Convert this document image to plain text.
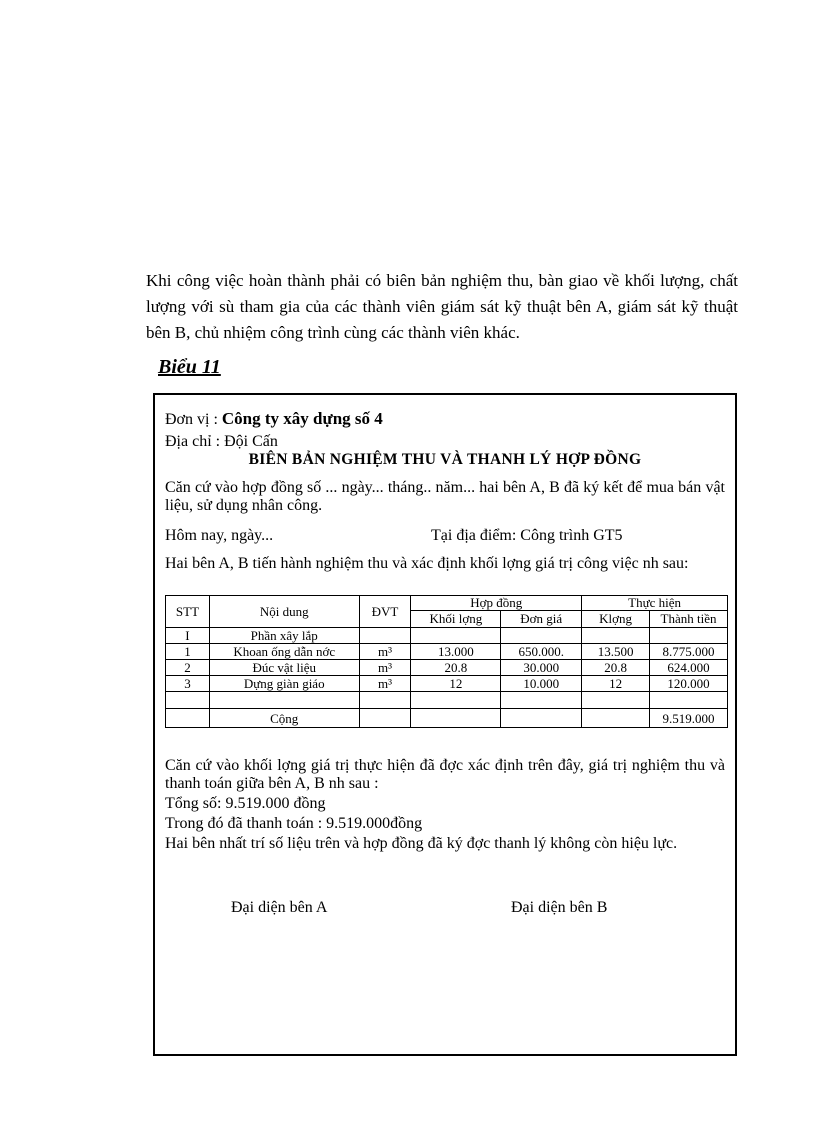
Khi công việc hoàn thành phải có biên bản nghiệm thu, bàn giao về khối lượng, chất lượng với sù tham gia của các thành viên giám sát kỹ thuật bên A, giám sát kỹ thuật bên B, chủ nhiệm công trình cùng các thành viên khác.

Biểu 11
Đơn vị : Công ty xây dựng số 4
Địa chỉ : Đội Cấn
BIÊN BẢN NGHIỆM THU VÀ THANH LÝ HỢP ĐỒNG

Căn cứ vào hợp đồng số ... ngày... tháng.. năm... hai bên A, B đã ký kết để mua bán vật liệu, sử dụng nhân công.

Hôm nay, ngày...	Tại địa điểm: Công trình GT5

Hai bên A, B tiến hành nghiệm thu và xác định khối lợng giá trị công việc nh sau:

STT	Nội dung	ĐVT	Hợp đồng		Thực hiện	
			Khối lợng	Đơn giá	Klợng	Thành tiền
I	Phần xây lắp					
1	Khoan ống dẫn nớc	m³	13.000	650.000.	13.500	8.775.000
2	Đúc vật liệu	m³	20.8	30.000	20.8	624.000
3	Dựng giàn giáo	m³	12	10.000	12	120.000

	Cộng					9.519.000

Căn cứ vào khối lợng giá trị thực hiện đã đợc xác định trên đây, giá trị nghiệm thu và thanh toán giữa bên A, B nh sau :

Tổng số: 9.519.000 đồng
Trong đó đã thanh toán : 9.519.000đồng

Hai bên nhất trí số liệu trên và hợp đồng đã ký đợc thanh lý không còn hiệu lực.

Đại diện bên A	Đại diện bên B
